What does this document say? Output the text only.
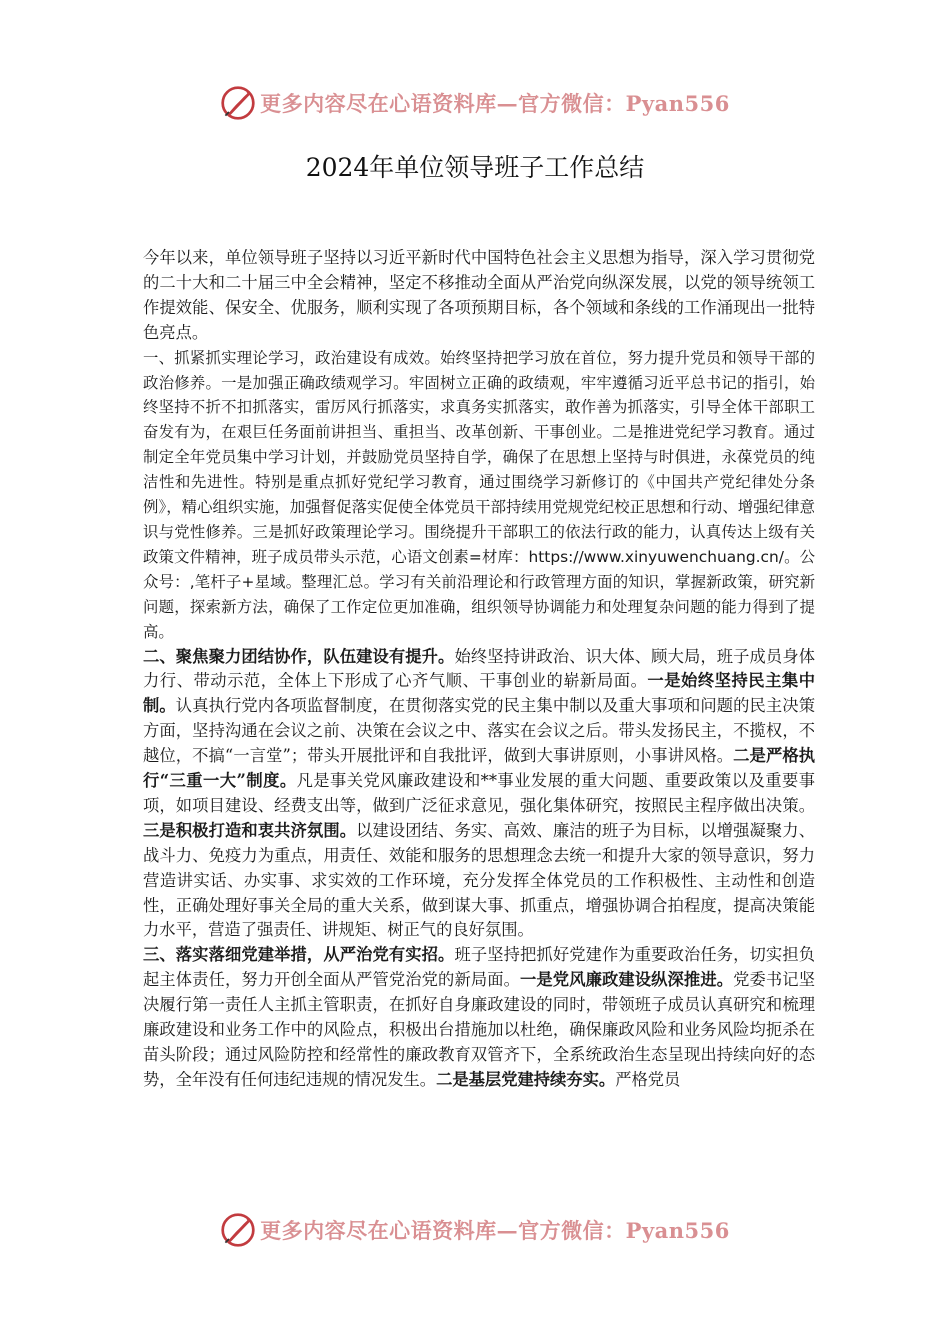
更多内容尽在心语资料库—官方微信：Pyan556
2024年单位领导班子工作总结

今年以来，单位领导班子坚持以习近平新时代中国特色社会主义思想为指导，深入学习贯彻党的二十大和二十届三中全会精神，坚定不移推动全面从严治党向纵深发展，以党的领导统领工作提效能、保安全、优服务，顺利实现了各项预期目标，各个领域和条线的工作涌现出一批特色亮点。

一、抓紧抓实理论学习，政治建设有成效。始终坚持把学习放在首位，努力提升党员和领导干部的政治修养。一是加强正确政绩观学习。牢固树立正确的政绩观，牢牢遵循习近平总书记的指引，始终坚持不折不扣抓落实，雷厉风行抓落实，求真务实抓落实，敢作善为抓落实，引导全体干部职工奋发有为，在艰巨任务面前讲担当、重担当、改革创新、干事创业。二是推进党纪学习教育。通过制定全年党员集中学习计划，并鼓励党员坚持自学，确保了在思想上坚持与时俱进，永葆党员的纯洁性和先进性。特别是重点抓好党纪学习教育，通过围绕学习新修订的《中国共产党纪律处分条例》，精心组织实施，加强督促落实促使全体党员干部持续用党规党纪校正思想和行动、增强纪律意识与党性修养。三是抓好政策理论学习。围绕提升干部职工的依法行政的能力，认真传达上级有关政策文件精神，班子成员带头示范，心语文创素=材库：https://www.xinyuwenchuang.cn/。公众号：,笔杆子+星域。整理汇总。学习有关前沿理论和行政管理方面的知识，掌握新政策，研究新问题，探索新方法，确保了工作定位更加准确，组织领导协调能力和处理复杂问题的能力得到了提高。

二、聚焦聚力团结协作，队伍建设有提升。始终坚持讲政治、识大体、顾大局，班子成员身体力行、带动示范，全体上下形成了心齐气顺、干事创业的崭新局面。一是始终坚持民主集中制。认真执行党内各项监督制度，在贯彻落实党的民主集中制以及重大事项和问题的民主决策方面，坚持沟通在会议之前、决策在会议之中、落实在会议之后。带头发扬民主，不揽权，不越位，不搞“一言堂”；带头开展批评和自我批评，做到大事讲原则，小事讲风格。二是严格执行“三重一大”制度。凡是事关党风廉政建设和**事业发展的重大问题、重要政策以及重要事项，如项目建设、经费支出等，做到广泛征求意见，强化集体研究，按照民主程序做出决策。三是积极打造和衷共济氛围。以建设团结、务实、高效、廉洁的班子为目标，以增强凝聚力、战斗力、免疫力为重点，用责任、效能和服务的思想理念去统一和提升大家的领导意识，努力营造讲实话、办实事、求实效的工作环境，充分发挥全体党员的工作积极性、主动性和创造性，正确处理好事关全局的重大关系，做到谋大事、抓重点，增强协调合拍程度，提高决策能力水平，营造了强责任、讲规矩、树正气的良好氛围。

三、落实落细党建举措，从严治党有实招。班子坚持把抓好党建作为重要政治任务，切实担负起主体责任，努力开创全面从严管党治党的新局面。一是党风廉政建设纵深推进。党委书记坚决履行第一责任人主抓主管职责，在抓好自身廉政建设的同时，带领班子成员认真研究和梳理廉政建设和业务工作中的风险点，积极出台措施加以杜绝，确保廉政风险和业务风险均扼杀在苗头阶段；通过风险防控和经常性的廉政教育双管齐下，全系统政治生态呈现出持续向好的态势，全年没有任何违纪违规的情况发生。二是基层党建持续夯实。严格党员

更多内容尽在心语资料库—官方微信：Pyan556
